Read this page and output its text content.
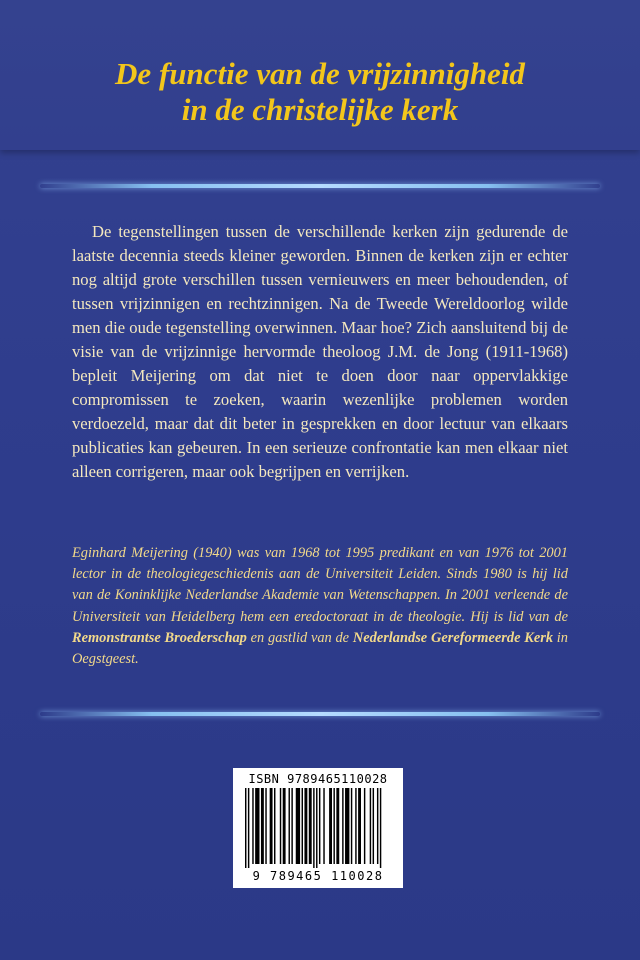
De functie van de vrijzinnigheid
in de christelijke kerk

De tegenstellingen tussen de verschillende kerken zijn gedurende de laatste decennia steeds kleiner geworden. Binnen de kerken zijn er echter nog altijd grote verschillen tussen vernieuwers en meer behoudenden, of tussen vrijzinnigen en rechtzinnigen. Na de Tweede Wereldoorlog wilde men die oude tegenstelling overwinnen. Maar hoe? Zich aansluitend bij de visie van de vrijzinnige hervormde theoloog J.M. de Jong (1911-1968) bepleit Meijering om dat niet te doen door naar oppervlakkige compromissen te zoeken, waarin wezenlijke problemen worden verdoezeld, maar dat dit beter in gesprekken en door lectuur van elkaars publicaties kan gebeuren. In een serieuze confrontatie kan men elkaar niet alleen corrigeren, maar ook begrijpen en verrijken.

Eginhard Meijering (1940) was van 1968 tot 1995 predikant en van 1976 tot 2001 lector in de theologiegeschiedenis aan de Universiteit Leiden. Sinds 1980 is hij lid van de Koninklijke Nederlandse Akademie van Wetenschappen. In 2001 verleende de Universiteit van Heidelberg hem een eredoctoraat in de theologie. Hij is lid van de Remonstrantse Broederschap en gastlid van de Nederlandse Gereformeerde Kerk in Oegstgeest.

ISBN 9789465110028
9 789465 110028
